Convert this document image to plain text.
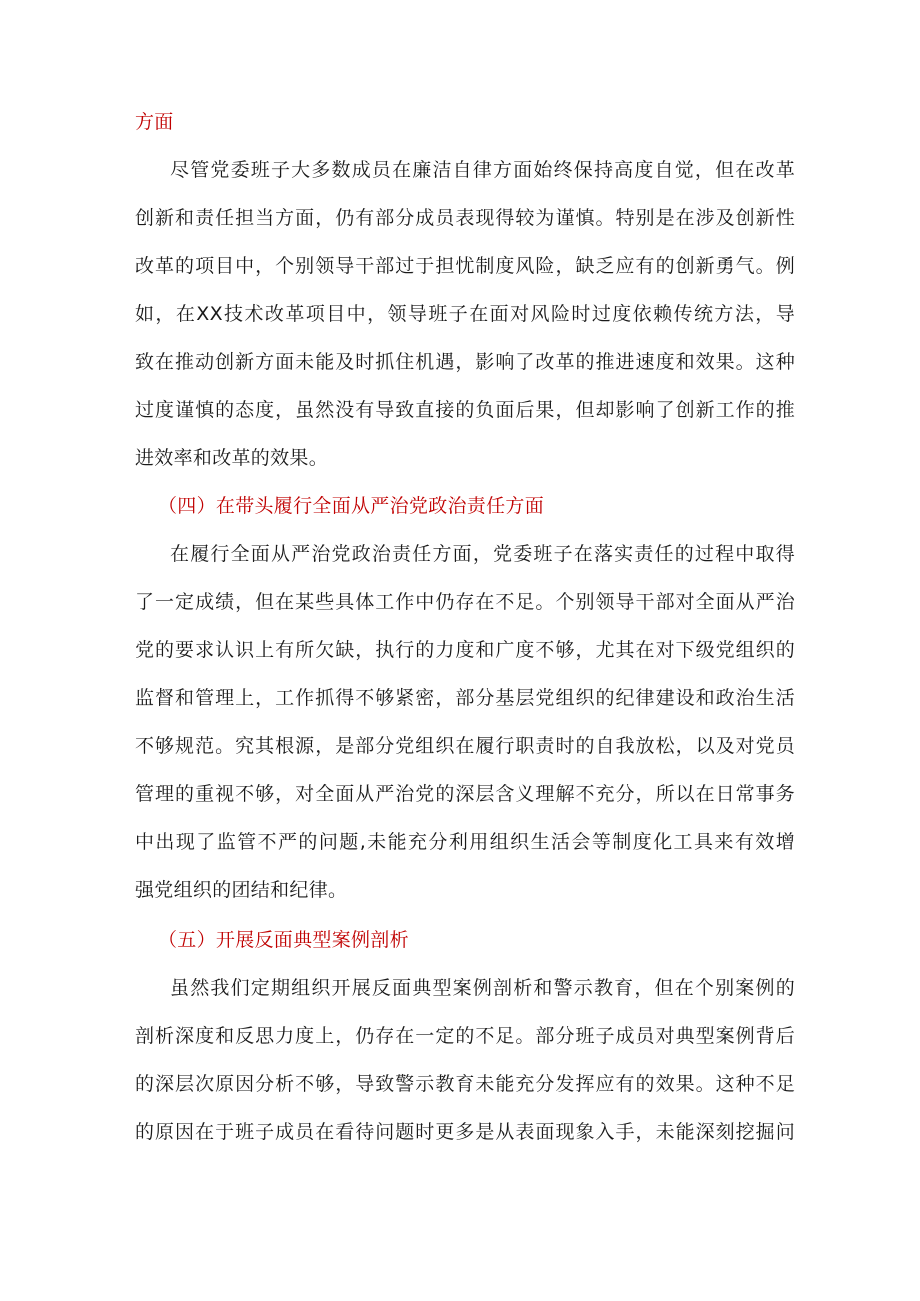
方面
尽管党委班子大多数成员在廉洁自律方面始终保持高度自觉，但在改革
创新和责任担当方面，仍有部分成员表现得较为谨慎。特别是在涉及创新性
改革的项目中，个别领导干部过于担忧制度风险，缺乏应有的创新勇气。例
如，在XX技术改革项目中，领导班子在面对风险时过度依赖传统方法，导
致在推动创新方面未能及时抓住机遇，影响了改革的推进速度和效果。这种
过度谨慎的态度，虽然没有导致直接的负面后果，但却影响了创新工作的推
进效率和改革的效果。
（四）在带头履行全面从严治党政治责任方面
在履行全面从严治党政治责任方面，党委班子在落实责任的过程中取得
了一定成绩，但在某些具体工作中仍存在不足。个别领导干部对全面从严治
党的要求认识上有所欠缺，执行的力度和广度不够，尤其在对下级党组织的
监督和管理上，工作抓得不够紧密，部分基层党组织的纪律建设和政治生活
不够规范。究其根源，是部分党组织在履行职责时的自我放松，以及对党员
管理的重视不够，对全面从严治党的深层含义理解不充分，所以在日常事务
中出现了监管不严的问题,未能充分利用组织生活会等制度化工具来有效增
强党组织的团结和纪律。
（五）开展反面典型案例剖析
虽然我们定期组织开展反面典型案例剖析和警示教育，但在个别案例的
剖析深度和反思力度上，仍存在一定的不足。部分班子成员对典型案例背后
的深层次原因分析不够，导致警示教育未能充分发挥应有的效果。这种不足
的原因在于班子成员在看待问题时更多是从表面现象入手，未能深刻挖掘问
